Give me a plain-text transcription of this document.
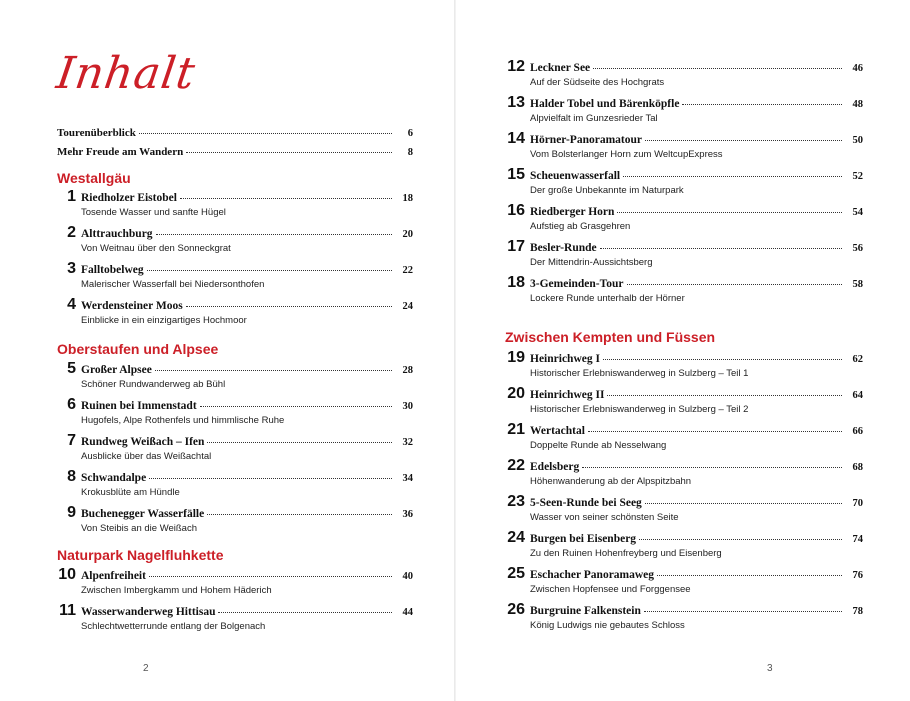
Inhalt
Tourenüberblick	6
Mehr Freude am Wandern	8
Westallgäu
1 Riedholzer Eistobel	18
Tosende Wasser und sanfte Hügel
2 Alttrauchburg	20
Von Weitnau über den Sonneckgrat
3 Falltobelweg	22
Malerischer Wasserfall bei Niedersonthofen
4 Werdensteiner Moos	24
Einblicke in ein einzigartiges Hochmoor
Oberstaufen und Alpsee
5 Großer Alpsee	28
Schöner Rundwanderweg ab Bühl
6 Ruinen bei Immenstadt	30
Hugofels, Alpe Rothenfels und himmlische Ruhe
7 Rundweg Weißach – Ifen	32
Ausblicke über das Weißachtal
8 Schwandalpe	34
Krokusblüte am Hündle
9 Buchenegger Wasserfälle	36
Von Steibis an die Weißach
Naturpark Nagelfluhkette
10 Alpenfreiheit	40
Zwischen Imbergkamm und Hohem Häderich
11 Wasserwanderweg Hittisau	44
Schlechtwetterrunde entlang der Bolgenach
2
12 Leckner See	46
Auf der Südseite des Hochgrats
13 Halder Tobel und Bärenköpfle	48
Alpvielfalt im Gunzesrieder Tal
14 Hörner-Panoramatour	50
Vom Bolsterlanger Horn zum WeltcupExpress
15 Scheuenwasserfall	52
Der große Unbekannte im Naturpark
16 Riedberger Horn	54
Aufstieg ab Grasgehren
17 Besler-Runde	56
Der Mittendrin-Aussichtsberg
18 3-Gemeinden-Tour	58
Lockere Runde unterhalb der Hörner
Zwischen Kempten und Füssen
19 Heinrichweg I	62
Historischer Erlebniswanderweg in Sulzberg – Teil 1
20 Heinrichweg II	64
Historischer Erlebniswanderweg in Sulzberg – Teil 2
21 Wertachtal	66
Doppelte Runde ab Nesselwang
22 Edelsberg	68
Höhenwanderung ab der Alpspitzbahn
23 5-Seen-Runde bei Seeg	70
Wasser von seiner schönsten Seite
24 Burgen bei Eisenberg	74
Zu den Ruinen Hohenfreyberg und Eisenberg
25 Eschacher Panoramaweg	76
Zwischen Hopfensee und Forggensee
26 Burgruine Falkenstein	78
König Ludwigs nie gebautes Schloss
3
